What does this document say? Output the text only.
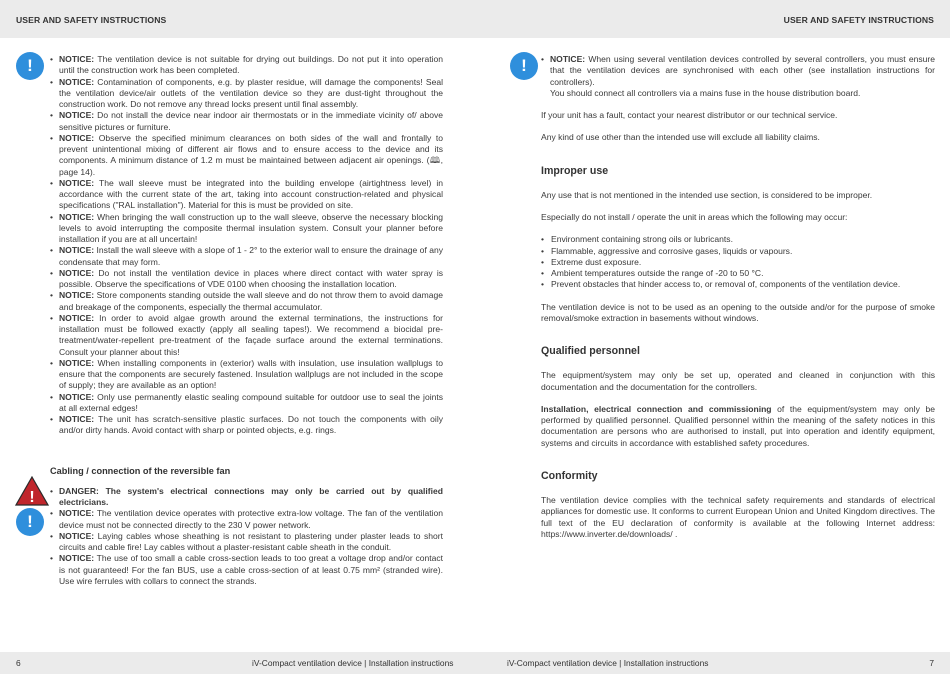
USER AND SAFETY INSTRUCTIONS	USER AND SAFETY INSTRUCTIONS
!
!
!
• NOTICE: The ventilation device is not suitable for drying out buildings. Do not put it into operation until the construction work has been completed.
• NOTICE: Contamination of components, e.g. by plaster residue, will damage the components! Seal the ventilation device/air outlets of the ventilation device so they are dust-tight throughout the construction work. Do not remove any thread locks present until final assembly.
• NOTICE: Do not install the device near indoor air thermostats or in the immediate vicinity of/ above sensitive pictures or furniture.
• NOTICE: Observe the specified minimum clearances on both sides of the wall and frontally to prevent unintentional mixing of different air flows and to ensure access to the device and its components. A minimum distance of 1.2 m must be maintained between adjacent air openings. (🕮, page 14).
• NOTICE: The wall sleeve must be integrated into the building envelope (airtightness level) in accordance with the current state of the art, taking into account construction-related and physical specifications ("RAL installation"). Material for this is must be provided on site.
• NOTICE: When bringing the wall construction up to the wall sleeve, observe the necessary blocking levels to avoid interrupting the composite thermal insulation system. Consult your planner before installation if you are at all uncertain!
• NOTICE: Install the wall sleeve with a slope of 1 - 2° to the exterior wall to ensure the drainage of any condensate that may form.
• NOTICE: Do not install the ventilation device in places where direct contact with water spray is possible. Observe the specifications of VDE 0100 when choosing the installation location.
• NOTICE: Store components standing outside the wall sleeve and do not throw them to avoid damage and breakage of the components, especially the thermal accumulator.
• NOTICE: In order to avoid algae growth around the external terminations, the instructions for installation must be followed exactly (apply all sealing tapes!). We recommend a biocidal pre-treatment/water-repellent pre-treatment of the façade surface around the external terminations. Consult your planner about this!
• NOTICE: When installing components in (exterior) walls with insulation, use insulation wallplugs to ensure that the components are securely fastened. Insulation wallplugs are not included in the scope of supply; they are available as an option!
• NOTICE: Only use permanently elastic sealing compound suitable for outdoor use to seal the joints at all external edges!
• NOTICE: The unit has scratch-sensitive plastic surfaces. Do not touch the components with oily and/or dirty hands. Avoid contact with sharp or pointed objects, e.g. rings.
Cabling / connection of the reversible fan
• DANGER: The system's electrical connections may only be carried out by qualified electricians.
• NOTICE: The ventilation device operates with protective extra-low voltage. The fan of the ventilation device must not be connected directly to the 230 V power network.
• NOTICE: Laying cables whose sheathing is not resistant to plastering under plaster leads to short circuits and cable fire! Lay cables without a plaster-resistant cable sheath in the conduit.
• NOTICE: The use of too small a cable cross-section leads to too great a voltage drop and/or contact is not guaranteed! For the fan BUS, use a cable cross-section of at least 0.75 mm² (stranded wire). Use wire ferrules with collars to connect the strands.
!
•	NOTICE: When using several ventilation devices controlled by several controllers, you must ensure that the ventilation devices are synchronised with each other (see installation instructions for controllers).

You should connect all controllers via a mains fuse in the house distribution board.

If your unit has a fault, contact your nearest distributor or our technical service.

Any kind of use other than the intended use will exclude all liability claims.

Improper use

Any use that is not mentioned in the intended use section, is considered to be improper.

Especially do not install / operate the unit in areas which the following may occur:

• Environment containing strong oils or lubricants.
• Flammable, aggressive and corrosive gases, liquids or vapours.
• Extreme dust exposure.
• Ambient temperatures outside the range of -20 to 50 °C.
• Prevent obstacles that hinder access to, or removal of, components of the ventilation device.

The ventilation device is not to be used as an opening to the outside and/or for the purpose of smoke removal/smoke extraction in basements without windows.

Qualified personnel

The equipment/system may only be set up, operated and cleaned in conjunction with this documentation and the documentation for the controllers.

Installation, electrical connection and commissioning of the equipment/system may only be performed by qualified personnel. Qualified personnel within the meaning of the safety notices in this documentation are persons who are authorised to install, put into operation and identify equipment, systems and circuits in accordance with established safety procedures.

Conformity

The ventilation device complies with the technical safety requirements and standards of electrical appliances for domestic use. It conforms to current European Union and United Kingdom directives. The full text of the EU declaration of conformity is available at the following Internet address: https://www.inverter.de/downloads/ .

6	iV-Compact ventilation device | Installation instructions	iV-Compact ventilation device | Installation instructions	7
